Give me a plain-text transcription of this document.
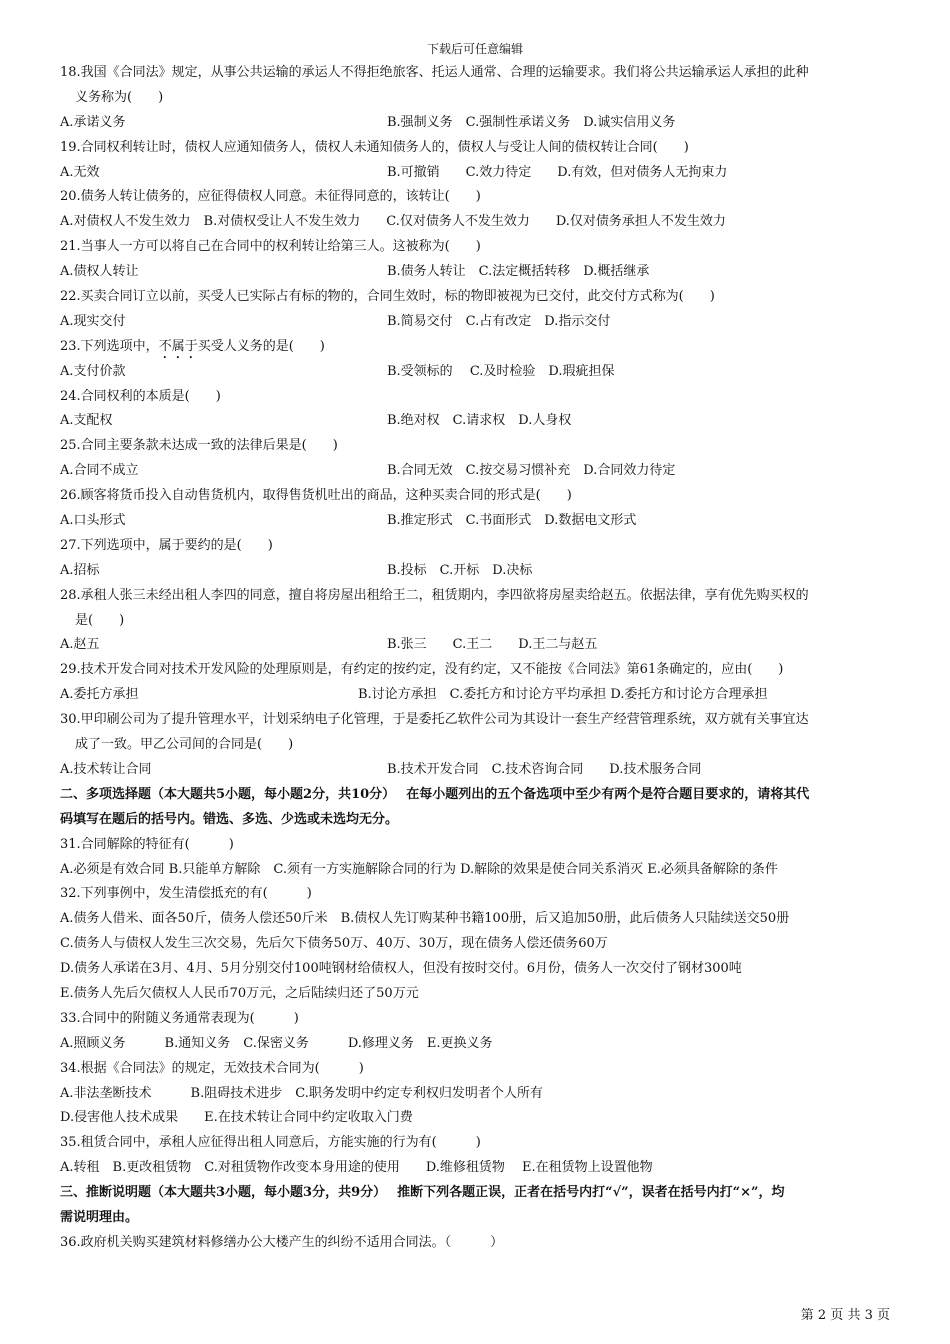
下载后可任意编辑
18.我国《合同法》规定，从事公共运输的承运人不得拒绝旅客、托运人通常、合理的运输要求。我们将公共运输承运人承担的此种
义务称为(　　)
A.承诺义务	B.强制义务　C.强制性承诺义务　D.诚实信用义务
19.合同权利转让时，债权人应通知债务人，债权人未通知债务人的，债权人与受让人间的债权转让合同(　　)
A.无效	B.可撤销　　C.效力待定　　D.有效，但对债务人无拘束力
20.债务人转让债务的，应征得债权人同意。未征得同意的，该转让(　　)
A.对债权人不发生效力　B.对债权受让人不发生效力　　C.仅对债务人不发生效力　　D.仅对债务承担人不发生效力
21.当事人一方可以将自己在合同中的权利转让给第三人。这被称为(　　)
A.债权人转让	B.债务人转让　C.法定概括转移　D.概括继承
22.买卖合同订立以前，买受人已实际占有标的物的，合同生效时，标的物即被视为已交付，此交付方式称为(　　)
A.现实交付	B.简易交付　C.占有改定　D.指示交付
23.下列选项中，不属于买受人义务的是(　　)
A.支付价款	B.受领标的　 C.及时检验　D.瑕疵担保
24.合同权利的本质是(　　)
A.支配权	B.绝对权　C.请求权　D.人身权
25.合同主要条款未达成一致的法律后果是(　　)
A.合同不成立	B.合同无效　C.按交易习惯补充　D.合同效力待定
26.顾客将货币投入自动售货机内，取得售货机吐出的商品，这种买卖合同的形式是(　　)
A.口头形式	B.推定形式　C.书面形式　D.数据电文形式
27.下列选项中，属于要约的是(　　)
A.招标	B.投标　C.开标　D.决标
28.承租人张三未经出租人李四的同意，擅自将房屋出租给王二，租赁期内，李四欲将房屋卖给赵五。依据法律，享有优先购买权的
是(　　)
A.赵五	B.张三　　C.王二　　D.王二与赵五
29.技术开发合同对技术开发风险的处理原则是，有约定的按约定，没有约定，又不能按《合同法》第61条确定的，应由(　　)
A.委托方承担	B.讨论方承担　C.委托方和讨论方平均承担 D.委托方和讨论方合理承担
30.甲印刷公司为了提升管理水平，计划采纳电子化管理，于是委托乙软件公司为其设计一套生产经营管理系统，双方就有关事宜达
成了一致。甲乙公司间的合同是(　　)
A.技术转让合同	B.技术开发合同　C.技术咨询合同　　D.技术服务合同
二、多项选择题（本大题共5小题，每小题2分，共10分）　 在每小题列出的五个备选项中至少有两个是符合题目要求的，请将其代
码填写在题后的括号内。错选、多选、少选或未选均无分。
31.合同解除的特征有(　　　)
A.必须是有效合同 B.只能单方解除　C.须有一方实施解除合同的行为 D.解除的效果是使合同关系消灭 E.必须具备解除的条件
32.下列事例中，发生清偿抵充的有(　　　)
A.债务人借米、面各50斤，债务人偿还50斤米　B.债权人先订购某种书籍100册，后又追加50册，此后债务人只陆续送交50册
C.债务人与债权人发生三次交易，先后欠下债务50万、40万、30万，现在债务人偿还债务60万
D.债务人承诺在3月、4月、5月分别交付100吨钢材给债权人，但没有按时交付。6月份，债务人一次交付了钢材300吨
E.债务人先后欠债权人人民币70万元，之后陆续归还了50万元
33.合同中的附随义务通常表现为(　　　)
A.照顾义务　　　B.通知义务　C.保密义务　　　D.修理义务　E.更换义务
34.根据《合同法》的规定，无效技术合同为(　　　)
A.非法垄断技术　　　B.阻碍技术进步　C.职务发明中约定专利权归发明者个人所有
D.侵害他人技术成果　　E.在技术转让合同中约定收取入门费
35.租赁合同中，承租人应征得出租人同意后，方能实施的行为有(　　　)
A.转租　B.更改租赁物　C.对租赁物作改变本身用途的使用　　D.维修租赁物　 E.在租赁物上设置他物
三、推断说明题（本大题共3小题，每小题3分，共9分）　 推断下列各题正误，正者在括号内打“√”，误者在括号内打“×”，均
需说明理由。
36.政府机关购买建筑材料修缮办公大楼产生的纠纷不适用合同法。（　　　）
第 2 页 共 3 页
